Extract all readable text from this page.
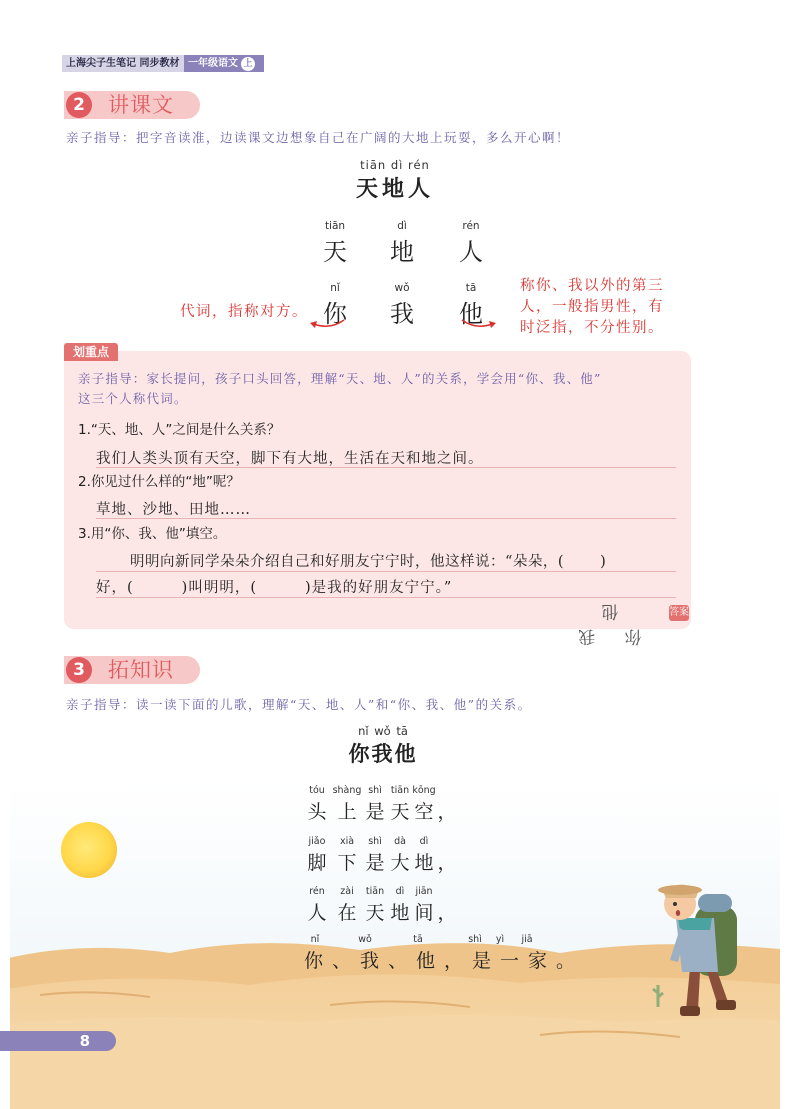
上海尖子生笔记 同步教材 一年级语文 上
2	讲课文
亲子指导：把字音读准，边读课文边想象自己在广阔的大地上玩耍，多么开心啊！
tiān dì rén
天地人
tiān
天
dì
地
rén
人
nǐ
你
wǒ
我
tā
他
代词，指称对方。
称你、我以外的第三
人，一般指男性，有
时泛指，不分性别。
划重点
亲子指导：家长提问，孩子口头回答，理解“天、地、人”的关系，学会用“你、我、他”
这三个人称代词。
1.“天、地、人”之间是什么关系？
我们人类头顶有天空，脚下有大地，生活在天和地之间。
2.你见过什么样的“地”呢？
草地、沙地、田地……
3.用“你、我、他”填空。
明明向新同学朵朵介绍自己和好朋友宁宁时，他这样说：“朵朵，( )
好，(	)叫明明，(	)是我的好朋友宁宁。”
你 我 他	答案
3	拓知识
亲子指导：读一读下面的儿歌，理解“天、地、人”和“你、我、他”的关系。
nǐ wǒ tā
你我他
tóu shàng shì tiān kōng
头 上 是 天 空 ，
jiǎo	xià	shì	dà	dì
脚 下 是 大 地 ，
rén	zài	tiān	dì	jiān
人 在 天 地 间 ，
nǐ	wǒ	tā	shì	yì	jiā
你、我、他，是一家。
8
